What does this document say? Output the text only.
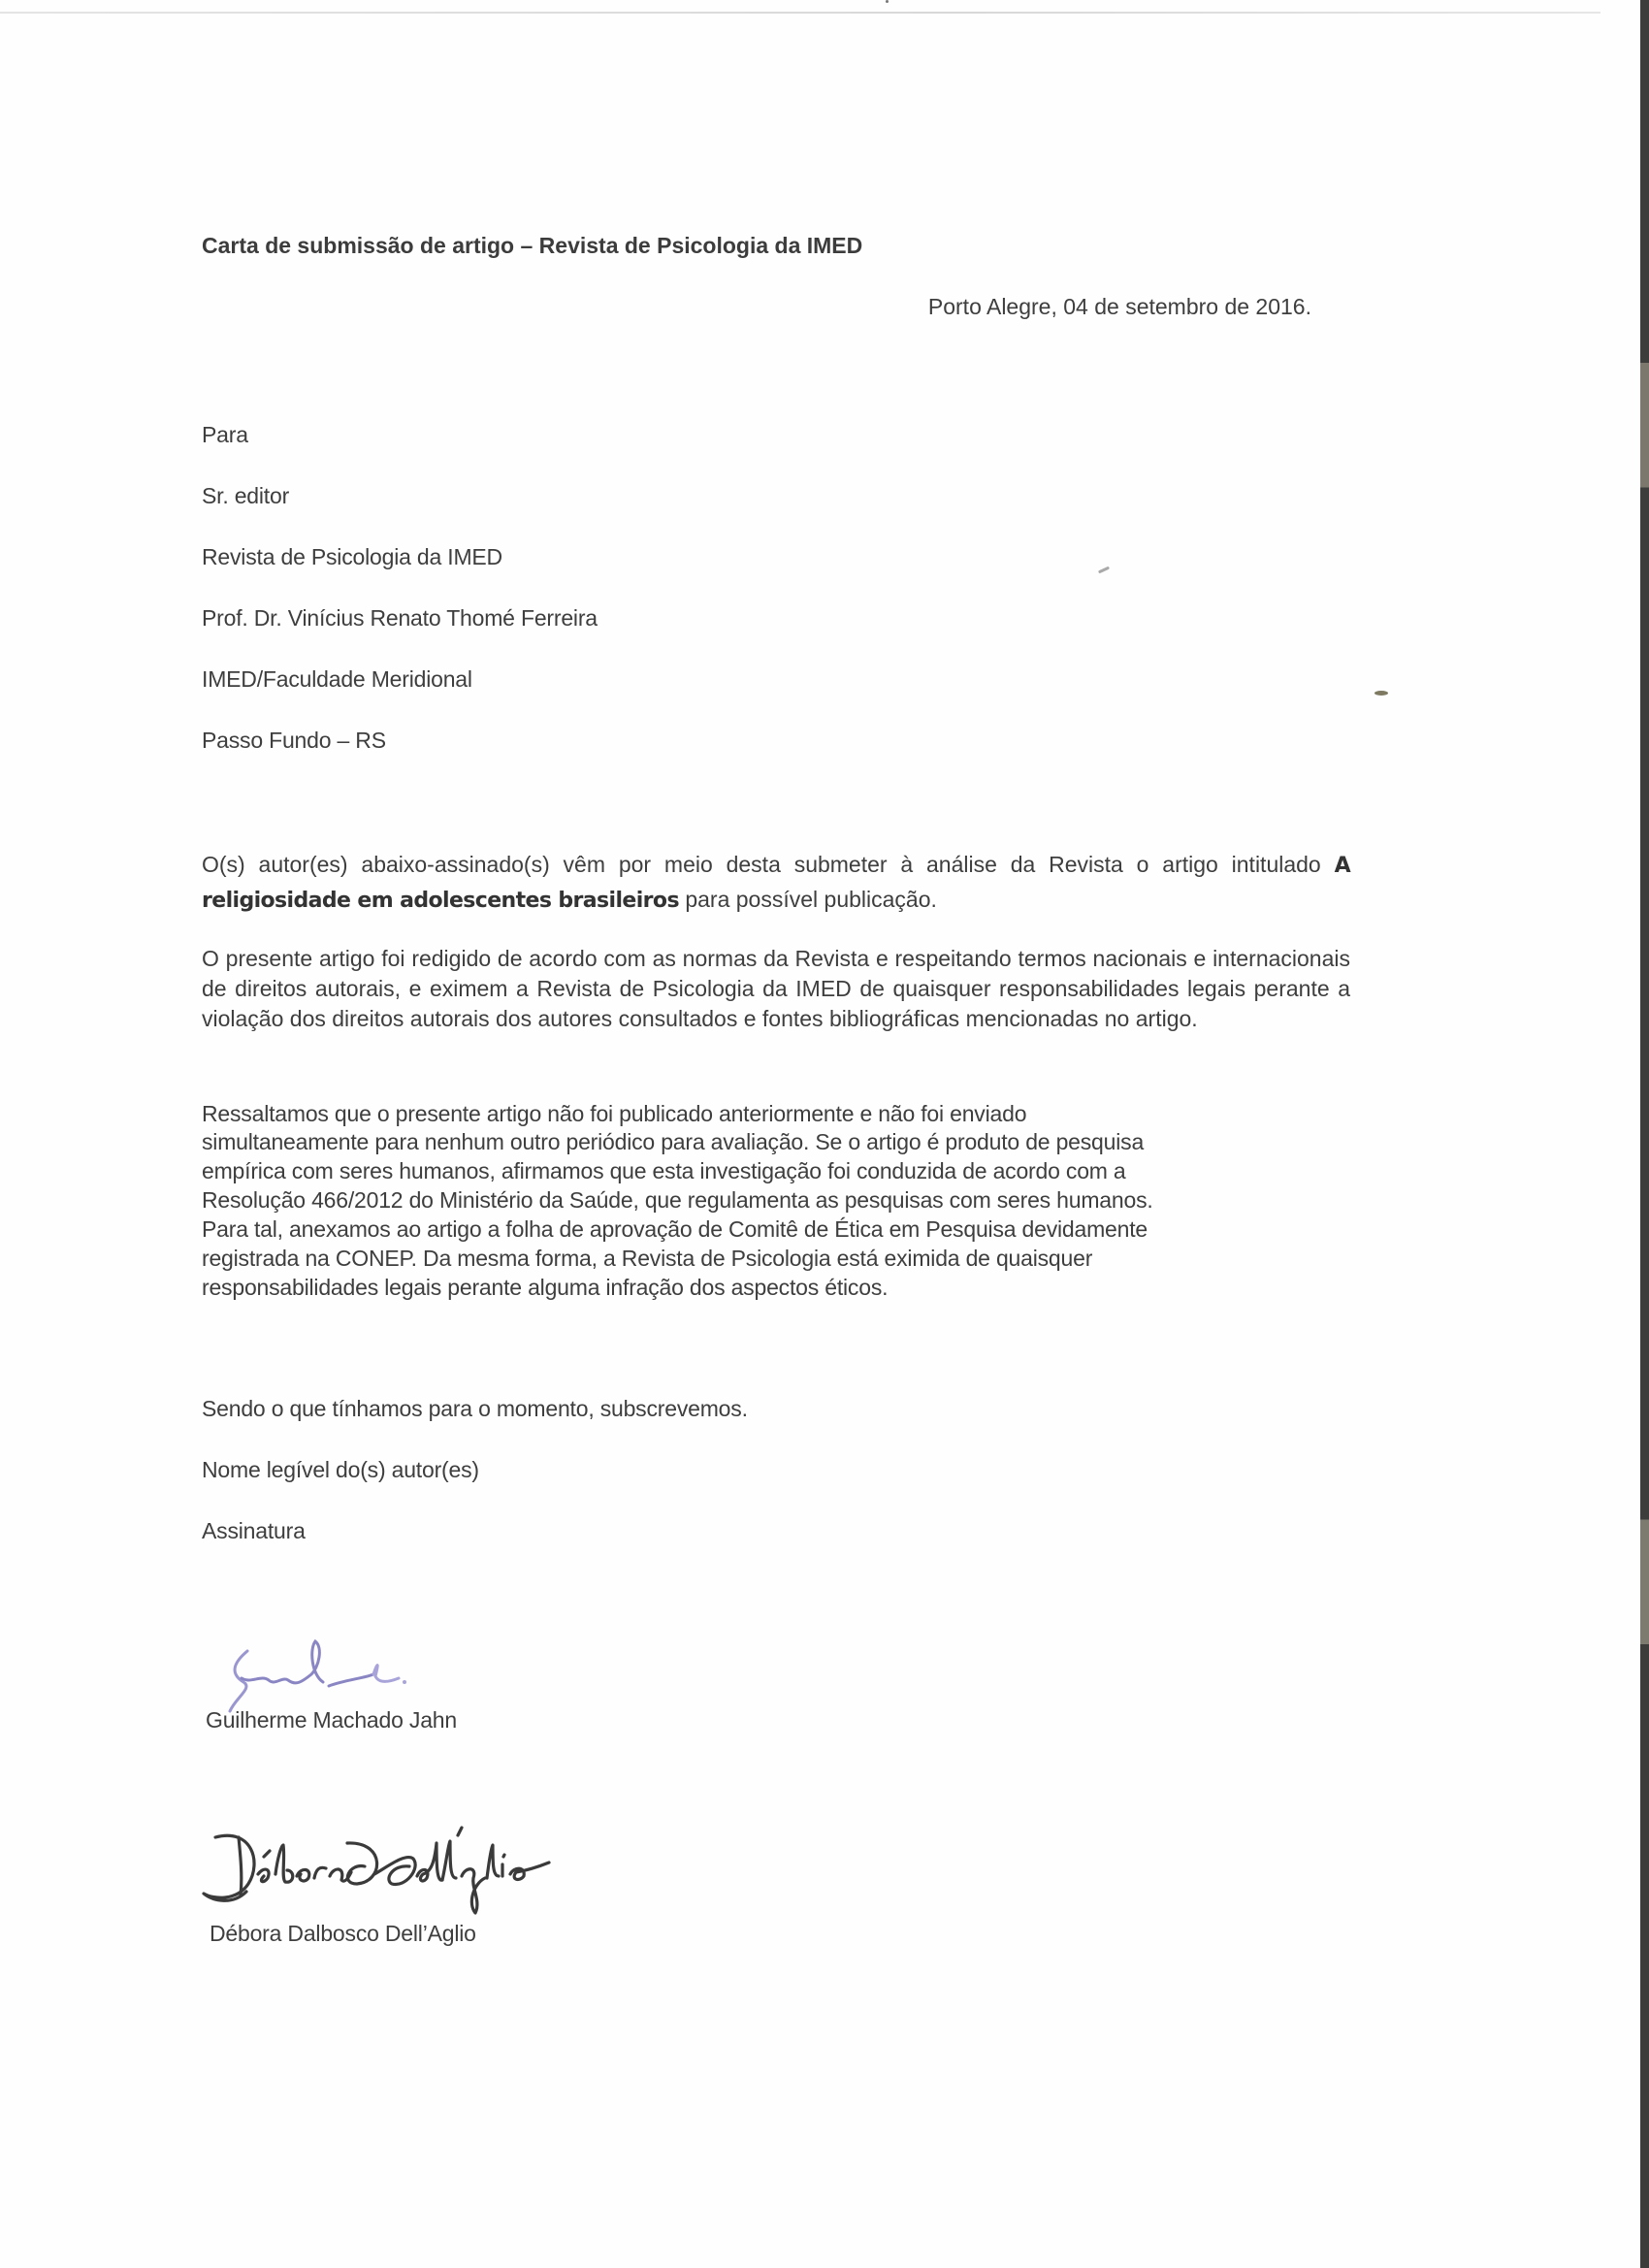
Carta de submissão de artigo – Revista de Psicologia da IMED
Porto Alegre, 04 de setembro de 2016.
Para
Sr. editor
Revista de Psicologia da IMED
Prof. Dr. Vinícius Renato Thomé Ferreira
IMED/Faculdade Meridional
Passo Fundo – RS
O(s) autor(es) abaixo-assinado(s) vêm por meio desta submeter à análise da Revista o artigo intitulado A religiosidade em adolescentes brasileiros para possível publicação.
O presente artigo foi redigido de acordo com as normas da Revista e respeitando termos nacionais e internacionais de direitos autorais, e eximem a Revista de Psicologia da IMED de quaisquer responsabilidades legais perante a violação dos direitos autorais dos autores consultados e fontes bibliográficas mencionadas no artigo.
Ressaltamos que o presente artigo não foi publicado anteriormente e não foi enviado
simultaneamente para nenhum outro periódico para avaliação. Se o artigo é produto de pesquisa
empírica com seres humanos, afirmamos que esta investigação foi conduzida de acordo com a
Resolução 466/2012 do Ministério da Saúde, que regulamenta as pesquisas com seres humanos.
Para tal, anexamos ao artigo a folha de aprovação de Comitê de Ética em Pesquisa devidamente
registrada na CONEP. Da mesma forma, a Revista de Psicologia está eximida de quaisquer
responsabilidades legais perante alguma infração dos aspectos éticos.
Sendo o que tínhamos para o momento, subscrevemos.
Nome legível do(s) autor(es)
Assinatura
Guilherme Machado Jahn
Débora Dalbosco Dell’Aglio
